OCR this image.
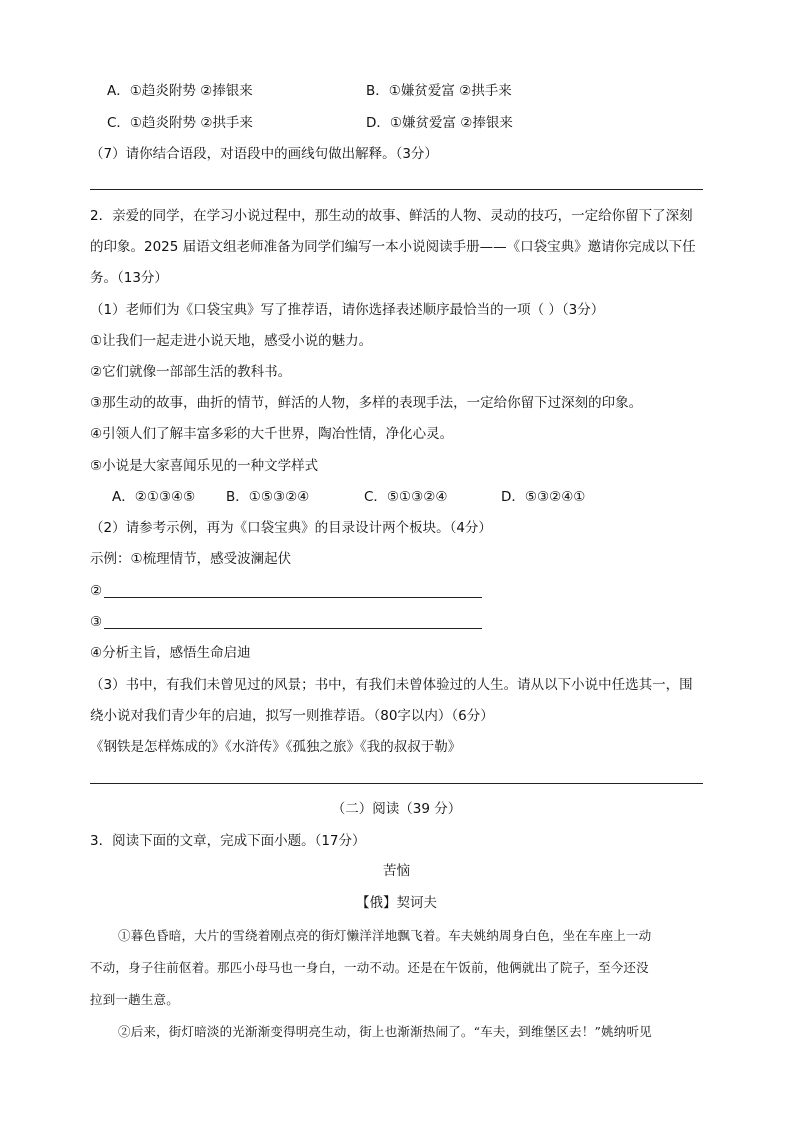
A．①趋炎附势 ②捧银来	B．①嫌贫爱富 ②拱手来
C．①趋炎附势 ②拱手来	D．①嫌贫爱富 ②捧银来
（7）请你结合语段，对语段中的画线句做出解释。（3分）
2．亲爱的同学，在学习小说过程中，那生动的故事、鲜活的人物、灵动的技巧，一定给你留下了深刻
的印象。2025 届语文组老师准备为同学们编写一本小说阅读手册——《口袋宝典》邀请你完成以下任
务。（13分）
（1）老师们为《口袋宝典》写了推荐语，请你选择表述顺序最恰当的一项（ ）（3分）
①让我们一起走进小说天地，感受小说的魅力。
②它们就像一部部生活的教科书。
③那生动的故事，曲折的情节，鲜活的人物，多样的表现手法，一定给你留下过深刻的印象。
④引领人们了解丰富多彩的大千世界，陶冶性情，净化心灵。
⑤小说是大家喜闻乐见的一种文学样式
A．②①③④⑤ B．①⑤③②④	C．⑤①③②④	D．⑤③②④①
（2）请参考示例，再为《口袋宝典》的目录设计两个板块。（4分）
示例：①梳理情节，感受波澜起伏
②
③
④分析主旨，感悟生命启迪
（3）书中，有我们未曾见过的风景；书中，有我们未曾体验过的人生。请从以下小说中任选其一，围
绕小说对我们青少年的启迪，拟写一则推荐语。（80字以内）（6分）
《钢铁是怎样炼成的》《水浒传》《孤独之旅》《我的叔叔于勒》
（二）阅读（39 分）
3．阅读下面的文章，完成下面小题。（17分）
苦恼
【俄】契诃夫
①暮色昏暗，大片的雪绕着刚点亮的街灯懒洋洋地飘飞着。车夫姚纳周身白色，坐在车座上一动
不动，身子往前伛着。那匹小母马也一身白，一动不动。还是在午饭前，他俩就出了院子，至今还没
拉到一趟生意。
②后来，街灯暗淡的光渐渐变得明亮生动，街上也渐渐热闹了。“车夫，到维堡区去！”姚纳听见
